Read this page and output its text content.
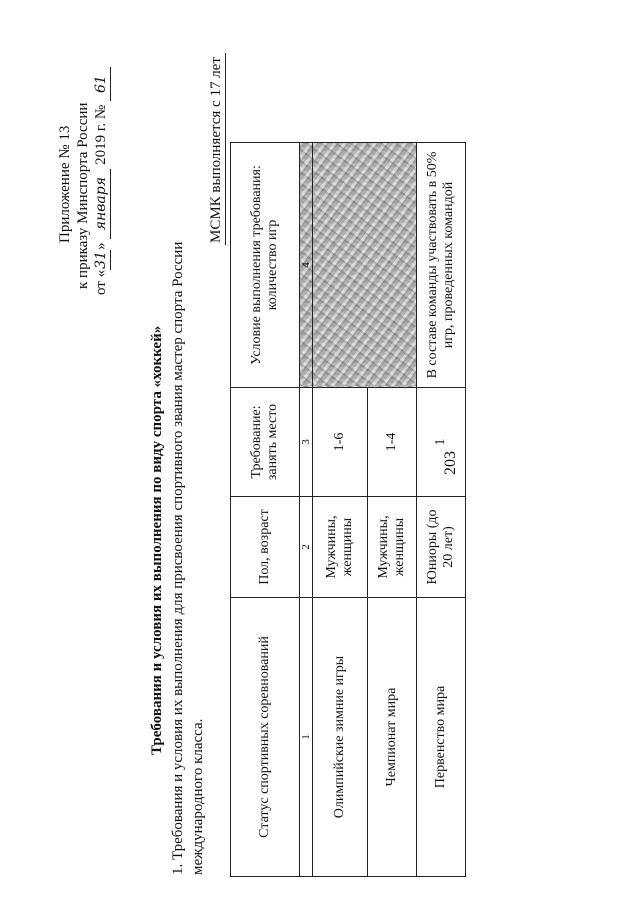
203
Приложение № 13 к приказу Минспорта России от «31» января 2019 г. № 61
Требования и условия их выполнения по виду спорта «хоккей» 1. Требования и условия их выполнения для присвоения спортивного звания мастер спорта России международного класса.
МСМК выполняется с 17 лет
Статус спортивных соревнований	Пол, возраст	Требование: занять место	Условие выполнения требования: количество игр
1	2	3	4
Олимпийские зимние игры	Мужчины, женщины	1-6	
Чемпионат мира	Мужчины, женщины	1-4	
Первенство мира	Юниоры (до 20 лет)	1	В составе команды участвовать в 50% игр, проведенных командой
